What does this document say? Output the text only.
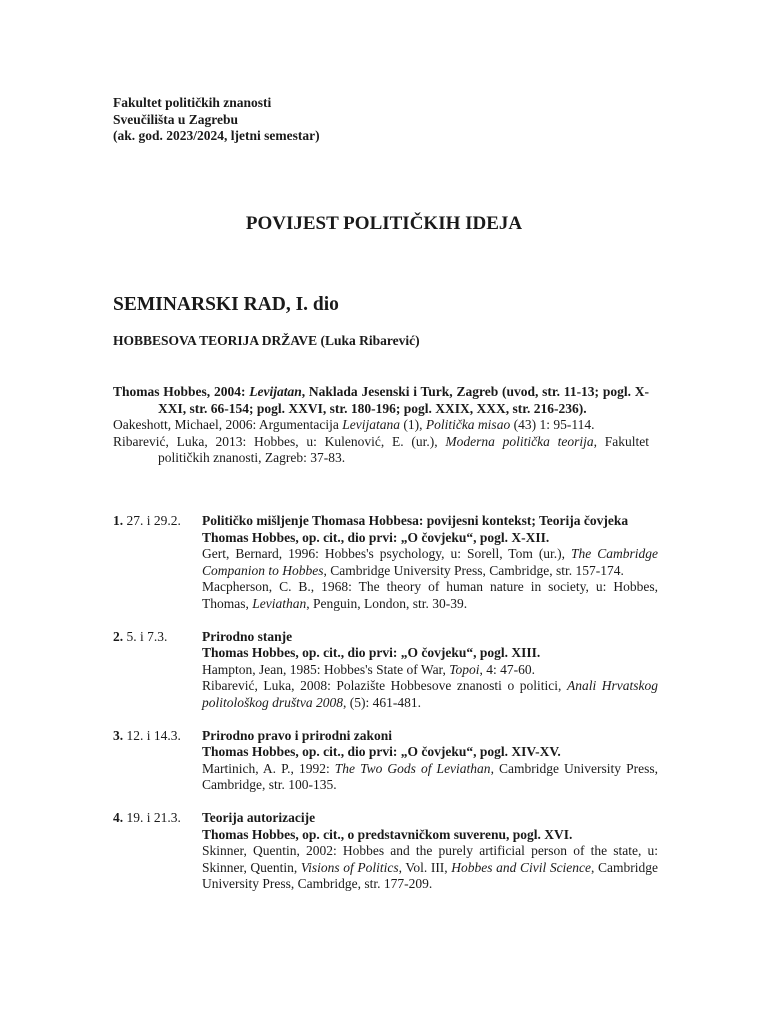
Fakultet političkih znanosti
Sveučilišta u Zagrebu
(ak. god. 2023/2024, ljetni semestar)
POVIJEST POLITIČKIH IDEJA
SEMINARSKI RAD, I. dio
HOBBESOVA TEORIJA DRŽAVE (Luka Ribarević)

Thomas Hobbes, 2004: Levijatan, Naklada Jesenski i Turk, Zagreb (uvod, str. 11-13; pogl. X-XXI, str. 66-154; pogl. XXVI, str. 180-196; pogl. XXIX, XXX, str. 216-236).

Oakeshott, Michael, 2006: Argumentacija Levijatana (1), Politička misao (43) 1: 95-114.

Ribarević, Luka, 2013: Hobbes, u: Kulenović, E. (ur.), Moderna politička teorija, Fakultet političkih znanosti, Zagreb: 37-83.

1. 27. i 29.2. Političko mišljenje Thomasa Hobbesa: povijesni kontekst; Teorija čovjeka
Thomas Hobbes, op. cit., dio prvi: „O čovjeku“, pogl. X-XII.
Gert, Bernard, 1996: Hobbes's psychology, u: Sorell, Tom (ur.), The Cambridge Companion to Hobbes, Cambridge University Press, Cambridge, str. 157-174.
Macpherson, C. B., 1968: The theory of human nature in society, u: Hobbes, Thomas, Leviathan, Penguin, London, str. 30-39.
2. 5. i 7.3.	Prirodno stanje
Thomas Hobbes, op. cit., dio prvi: „O čovjeku“, pogl. XIII.
Hampton, Jean, 1985: Hobbes's State of War, Topoi, 4: 47-60.
Ribarević, Luka, 2008: Polazište Hobbesove znanosti o politici, Anali Hrvatskog politološkog društva 2008, (5): 461-481.
3. 12. i 14.3. Prirodno pravo i prirodni zakoni
Thomas Hobbes, op. cit., dio prvi: „O čovjeku“, pogl. XIV-XV.
Martinich, A. P., 1992: The Two Gods of Leviathan, Cambridge University Press, Cambridge, str. 100-135.
4. 19. i 21.3. Teorija autorizacije
Thomas Hobbes, op. cit., o predstavničkom suverenu, pogl. XVI.
Skinner, Quentin, 2002: Hobbes and the purely artificial person of the state, u: Skinner, Quentin, Visions of Politics, Vol. III, Hobbes and Civil Science, Cambridge University Press, Cambridge, str. 177-209.
